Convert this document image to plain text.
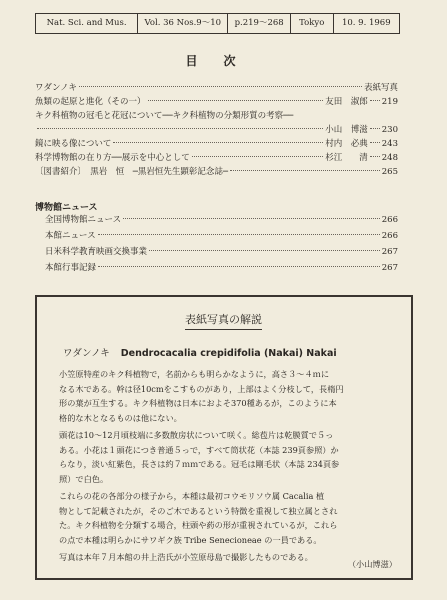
Nat. Sci. and Mus.	Vol. 36 Nos.9～10	p.219～268	Tokyo	10. 9. 1969
目次
ワダンノキ	表紙写真
魚類の起原と進化（その一）	友田　淑郎 219
キク科植物の冠毛と花冠について──キク科植物の分類形質の考察──
小山　博滋 230
鏡に映る像について	村内　必典 243
科学博物館の在り方──展示を中心として	杉江　　清 248
〔図書紹介〕　黒岩　恒　─黒岩恒先生顕彰記念誌─	265
博物館ニュース
全国博物館ニュース	266
本館ニュース	266
日米科学教育映画交換事業	267
本館行事記録	267
表紙写真の解説
ワダンノキ Dendrocacalia crepidifolia (Nakai) Nakai
小笠原特産のキク科植物で，名前からも明らかなように，高さ３～４ｍに
なる木である。幹は径10cmをこすものがあり，上部はよく分枝して，長楕円
形の葉が互生する。キク科植物は日本におよそ370種あるが，このように本
格的な木となるものは他にない。
頭花は10～12月頃枝端に多数散房状について咲く。総苞片は乾膜質で５っ
ある。小花は１頭花につき普通５っで，すべて筒状花（本誌 239頁参照）か
らなり，淡い紅紫色，長さは約７ｍｍである。冠毛は剛毛状（本誌 234頁参
照）で白色。
これらの花の各部分の様子から，本種は最初コウモリソウ属 Cacalia 植
物として記載されたが，そのご木であるという特徴を重視して独立属とされ
た。キク科植物を分類する場合，柱頭や葯の形が重視されているが，これら
の点で本種は明らかにサワギク族 Tribe Senecioneae の一員である。
写真は本年７月本館の井上浩氏が小笠原母島で撮影したものである。
（小山博滋）
